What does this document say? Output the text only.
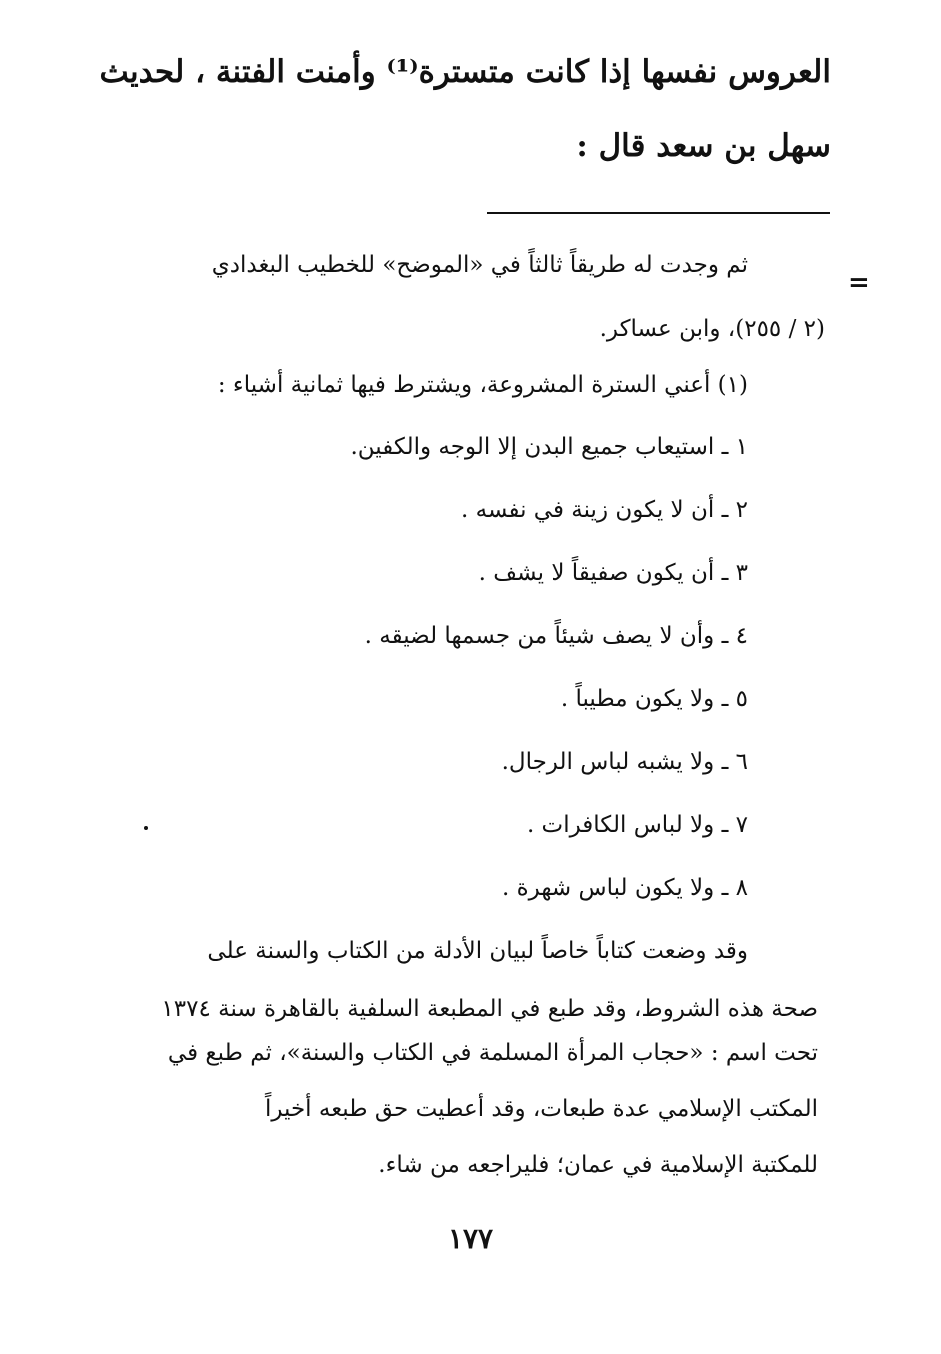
العروس نفسها إذا كانت متسترة⁽¹⁾ وأمنت الفتنة ، لحديث
سهل بن سعد قال :
=
ثم وجدت له طريقاً ثالثاً في «الموضح» للخطيب البغدادي
(٢ / ٢٥٥)، وابن عساكر.
(١) أعني السترة المشروعة، ويشترط فيها ثمانية أشياء :
١ ـ استيعاب جميع البدن إلا الوجه والكفين.
٢ ـ أن لا يكون زينة في نفسه .
٣ ـ أن يكون صفيقاً لا يشف .
٤ ـ وأن لا يصف شيئاً من جسمها لضيقه .
٥ ـ ولا يكون مطيباً .
٦ ـ ولا يشبه لباس الرجال.
٧ ـ ولا لباس الكافرات .
٨ ـ ولا يكون لباس شهرة .
وقد وضعت كتاباً خاصاً لبيان الأدلة من الكتاب والسنة على
صحة هذه الشروط، وقد طبع في المطبعة السلفية بالقاهرة سنة ١٣٧٤
تحت اسم : «حجاب المرأة المسلمة في الكتاب والسنة»، ثم طبع في
المكتب الإسلامي عدة طبعات، وقد أعطيت حق طبعه أخيراً
للمكتبة الإسلامية في عمان؛ فليراجعه من شاء.
١٧٧
